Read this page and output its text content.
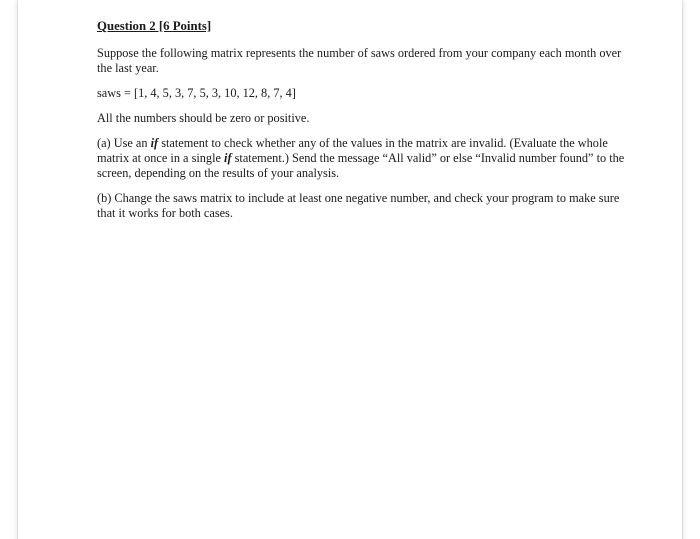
Question 2 [6 Points]

Suppose the following matrix represents the number of saws ordered from your company each month over the last year.

saws = [1, 4, 5, 3, 7, 5, 3, 10, 12, 8, 7, 4]

All the numbers should be zero or positive.

(a) Use an if statement to check whether any of the values in the matrix are invalid. (Evaluate the whole matrix at once in a single if statement.) Send the message “All valid” or else “Invalid number found” to the screen, depending on the results of your analysis.

(b) Change the saws matrix to include at least one negative number, and check your program to make sure that it works for both cases.
